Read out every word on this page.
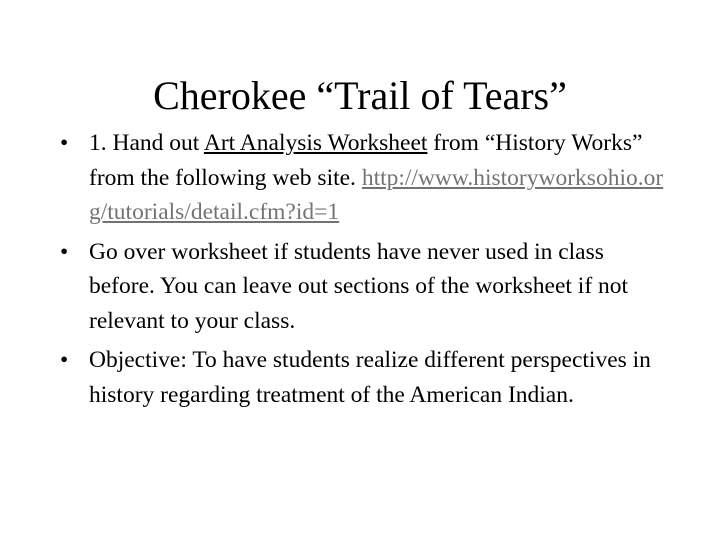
Cherokee “Trail of Tears”
• 1. Hand out Art Analysis Worksheet from “History Works” from the following web site. http://www.historyworksohio.org/tutorials/detail.cfm?id=1
• Go over worksheet if students have never used in class before. You can leave out sections of the worksheet if not relevant to your class.
• Objective: To have students realize different perspectives in history regarding treatment of the American Indian.
